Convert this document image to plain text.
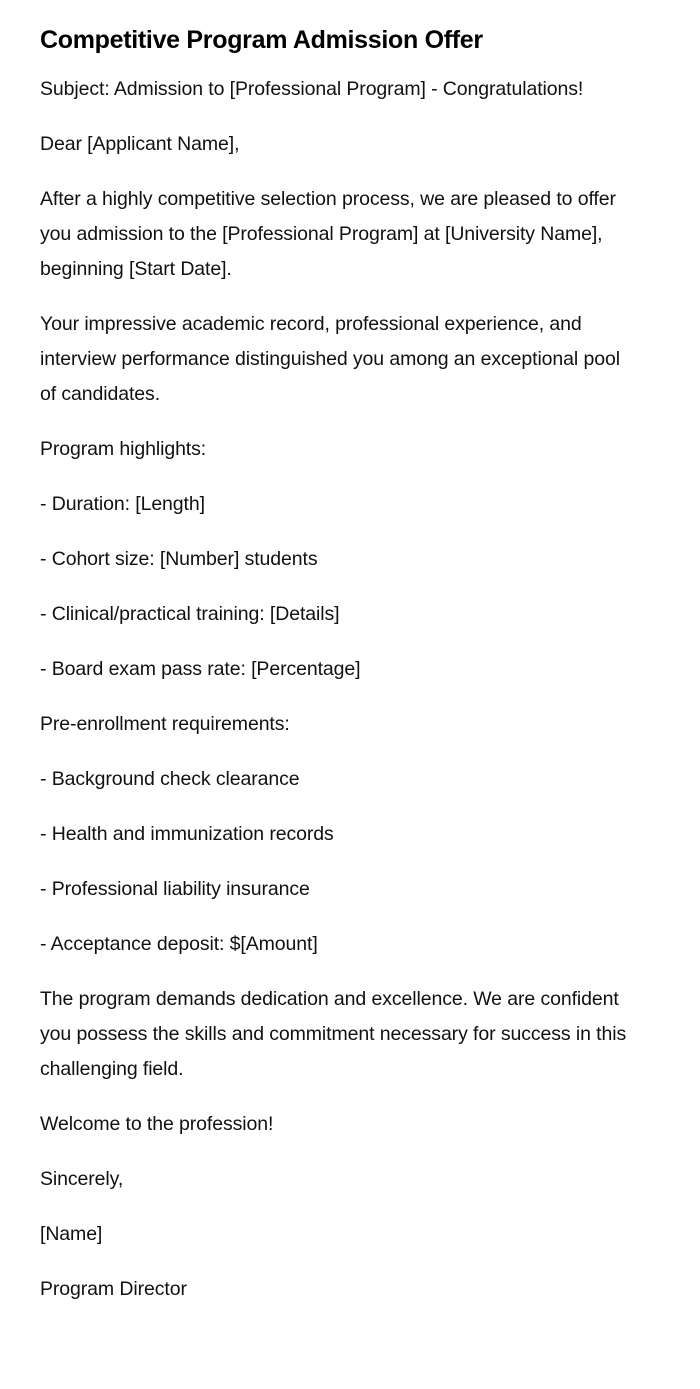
Competitive Program Admission Offer

Subject: Admission to [Professional Program] - Congratulations!

Dear [Applicant Name],

After a highly competitive selection process, we are pleased to offer you admission to the [Professional Program] at [University Name], beginning [Start Date].

Your impressive academic record, professional experience, and interview performance distinguished you among an exceptional pool of candidates.

Program highlights:

- Duration: [Length]

- Cohort size: [Number] students

- Clinical/practical training: [Details]

- Board exam pass rate: [Percentage]

Pre-enrollment requirements:

- Background check clearance

- Health and immunization records

- Professional liability insurance

- Acceptance deposit: $[Amount]

The program demands dedication and excellence. We are confident you possess the skills and commitment necessary for success in this challenging field.

Welcome to the profession!

Sincerely,

[Name]

Program Director
